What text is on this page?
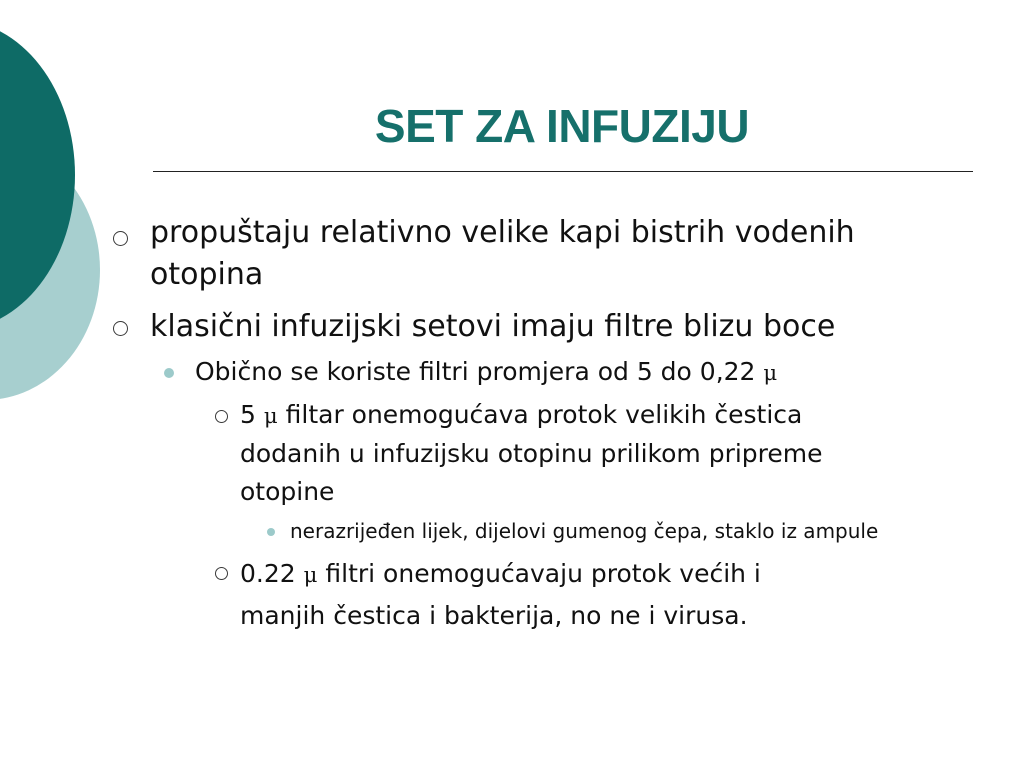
SET ZA INFUZIJU
propuštaju relativno velike kapi bistrih vodenih
otopina
klasični infuzijski setovi imaju filtre blizu boce
Obično se koriste filtri promjera od 5 do 0,22 μ
5 μ filtar onemogućava protok velikih čestica
dodanih u infuzijsku otopinu prilikom pripreme
otopine
nerazrijeđen lijek, dijelovi gumenog čepa, staklo iz ampule
0.22 μ filtri onemogućavaju protok većih i
manjih čestica i bakterija, no ne i virusa.
